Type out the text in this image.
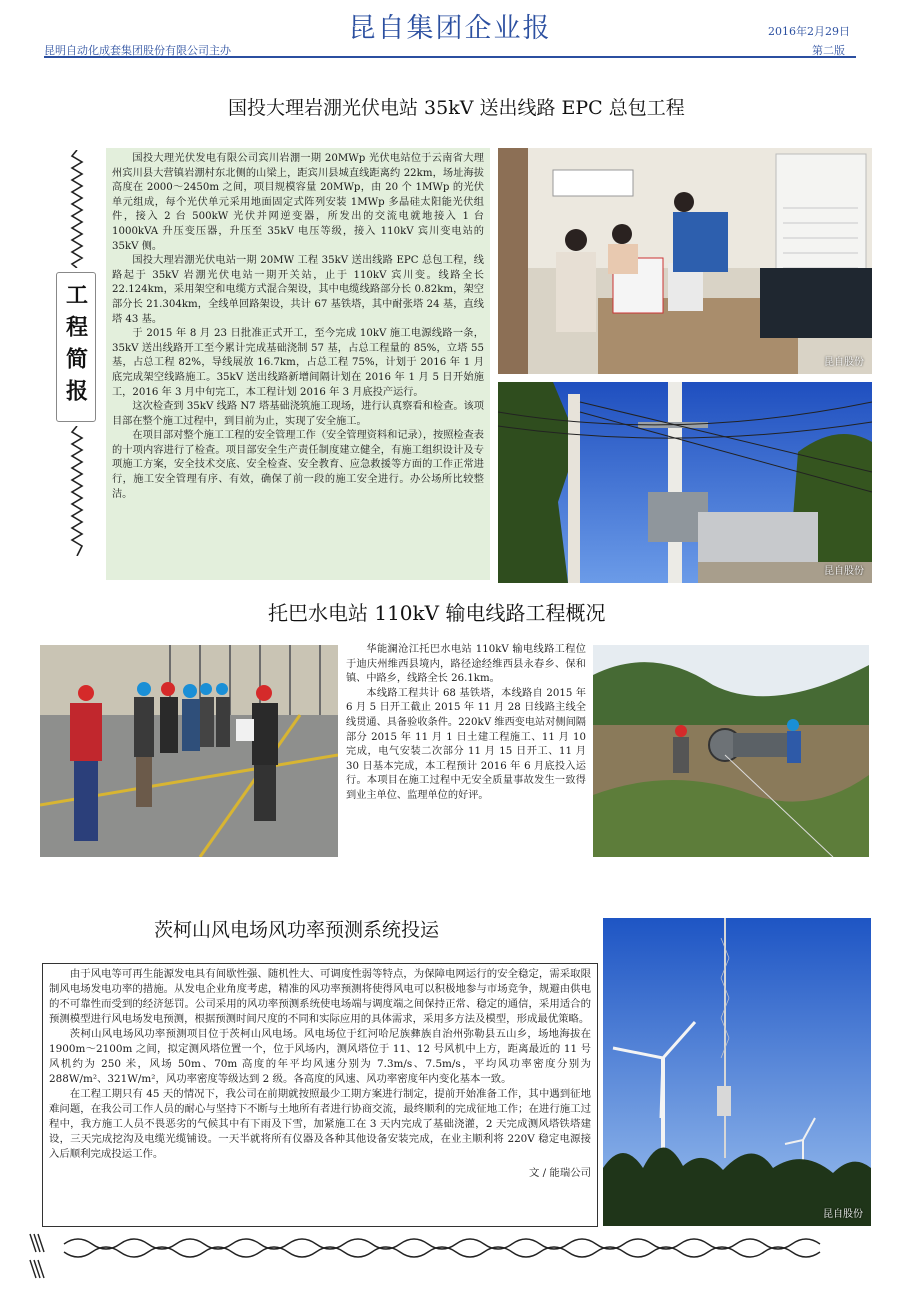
昆自集团企业报
昆明自动化成套集团股份有限公司主办
2016年2月29日
第二版
国投大理岩淜光伏电站 35kV 送出线路 EPC 总包工程
工程简报

国投大理光伏发电有限公司宾川岩淜一期 20MWp 光伏电站位于云南省大理州宾川县大营镇岩淜村东北侧的山梁上，距宾川县城直线距离约 22km，场址海拔高度在 2000～2450m 之间，项目规模容量 20MWp，由 20 个 1MWp 的光伏单元组成，每个光伏单元采用地面固定式阵列安装 1MWp 多晶硅太阳能光伏组件，接入 2 台 500kW 光伏并网逆变器，所发出的交流电就地接入 1 台 1000kVA 升压变压器，升压至 35kV 电压等级，接入 110kV 宾川变电站的 35kV 侧。

国投大理岩淜光伏电站一期 20MW 工程 35kV 送出线路 EPC 总包工程，线路起于 35kV 岩淜光伏电站一期开关站，止于 110kV 宾川变。线路全长 22.124km，采用架空和电缆方式混合架设，其中电缆线路部分长 0.82km，架空部分长 21.304km，全线单回路架设，共计 67 基铁塔，其中耐张塔 24 基，直线塔 43 基。

于 2015 年 8 月 23 日批准正式开工，至今完成 10kV 施工电源线路一条，35kV 送出线路开工至今累计完成基础浇制 57 基，占总工程量的 85%，立塔 55 基，占总工程 82%，导线展放 16.7km，占总工程 75%，计划于 2016 年 1 月底完成架空线路施工。35kV 送出线路新增间隔计划在 2016 年 1 月 5 日开始施工，2016 年 3 月中旬完工，本工程计划 2016 年 3 月底投产运行。

这次检查到 35kV 线路 N7 塔基础浇筑施工现场，进行认真察看和检查。该项目部在整个施工过程中，到目前为止，实现了安全施工。

在项目部对整个施工工程的安全管理工作（安全管理资料和记录），按照检查表的十项内容进行了检查。项目部安全生产责任制度建立健全，有施工组织设计及专项施工方案，安全技术交底、安全检查、安全教育、应急救援等方面的工作正常进行，施工安全管理有序、有效，确保了前一段的施工安全进行。办公场所比较整洁。

昆自股份
昆自股份
托巴水电站 110kV 输电线路工程概况

华能澜沧江托巴水电站 110kV 输电线路工程位于迪庆州维西县境内，路径途经维西县永春乡、保和镇、中路乡，线路全长 26.1km。

本线路工程共计 68 基铁塔，本线路自 2015 年 6 月 5 日开工截止 2015 年 11 月 28 日线路主线全线贯通、具备验收条件。220kV 维西变电站对侧间隔部分 2015 年 11 月 1 日土建工程施工、11 月 10 完成，电气安装二次部分 11 月 15 日开工、11 月 30 日基本完成，本工程预计 2016 年 6 月底投入运行。本项目在施工过程中无安全质量事故发生一致得到业主单位、监理单位的好评。

茨柯山风电场风功率预测系统投运

由于风电等可再生能源发电具有间歇性强、随机性大、可调度性弱等特点，为保障电网运行的安全稳定，需采取限制风电场发电功率的措施。从发电企业角度考虑，精准的风功率预测将使得风电可以积极地参与市场竞争，规避由供电的不可靠性而受到的经济惩罚。公司采用的风功率预测系统使电场端与调度端之间保持正常、稳定的通信，采用适合的预测模型进行风电场发电预测，根据预测时间尺度的不同和实际应用的具体需求，采用多方法及模型，形成最优策略。

茨柯山风电场风功率预测项目位于茨柯山风电场。风电场位于红河哈尼族彝族自治州弥勒县五山乡，场地海拔在 1900m～2100m 之间，拟定测风塔位置一个，位于风场内，测风塔位于 11、12 号风机中上方，距离最近的 11 号风机约为 250 米，风场 50m、70m 高度的年平均风速分别为 7.3m/s、7.5m/s，平均风功率密度分别为 288W/m²、321W/m²，风功率密度等级达到 2 级。各高度的风速、风功率密度年内变化基本一致。

在工程工期只有 45 天的情况下，我公司在前期就按照最少工期方案进行制定，提前开始准备工作，其中遇到征地难问题，在我公司工作人员的耐心与坚持下不断与土地所有者进行协商交流，最终顺利的完成征地工作；在进行施工过程中，我方施工人员不畏恶劣的气候其中有下雨及下雪，加紧施工在 3 天内完成了基础浇灌，2 天完成测风塔铁塔建设，三天完成挖沟及电缆光缆铺设。一天半就将所有仪器及各种其他设备安装完成，在业主顺利将 220V 稳定电源接入后顺利完成投运工作。

文 / 能瑞公司

昆自股份
